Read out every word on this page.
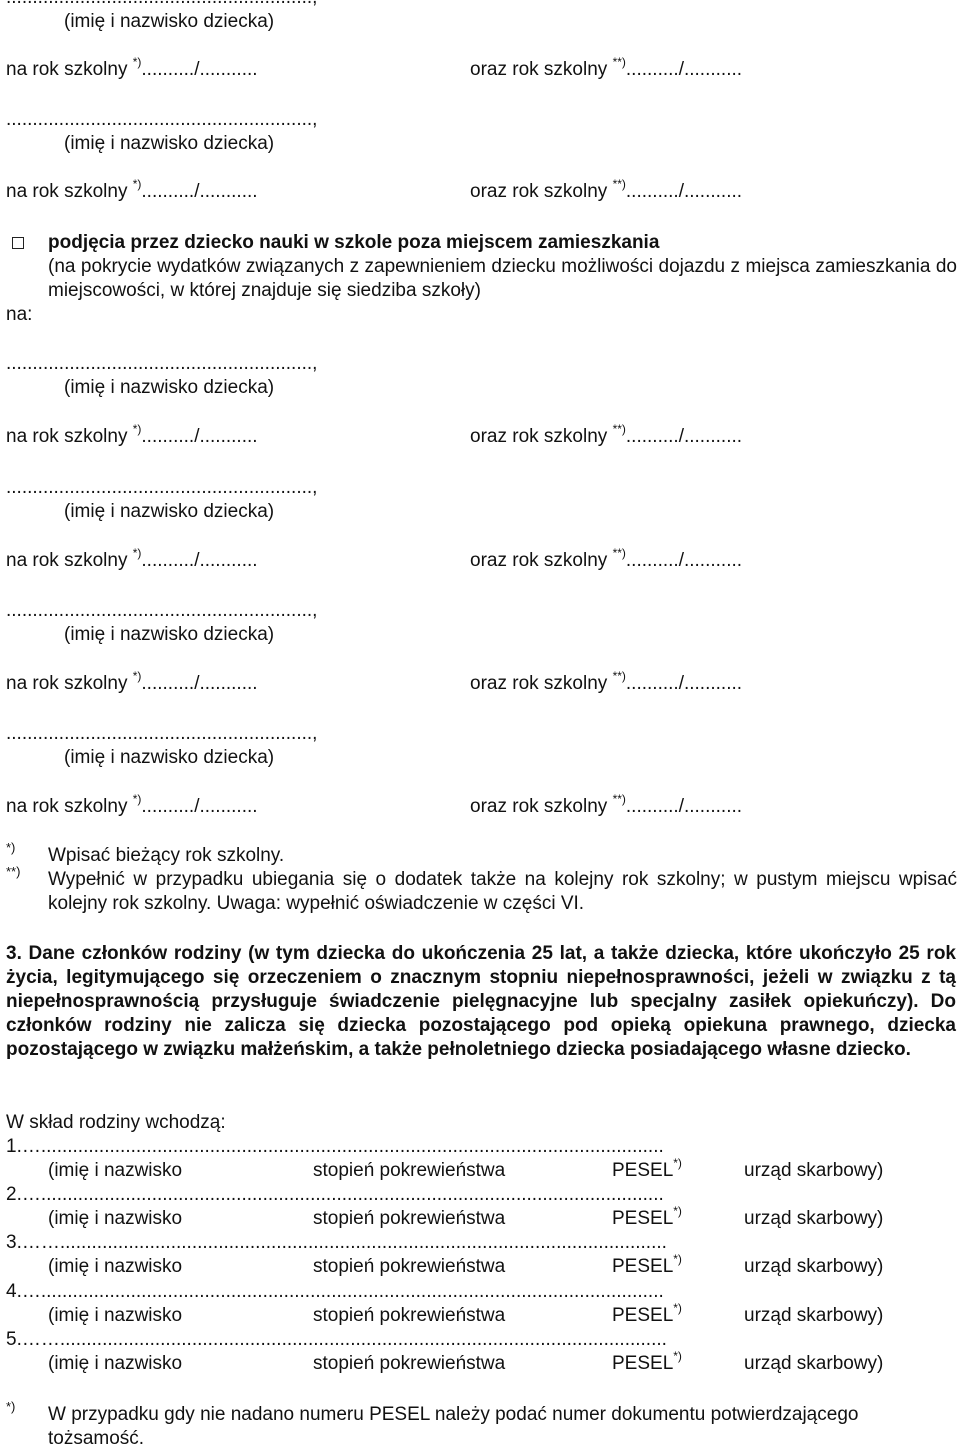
(imię i nazwisko dziecka)
na rok szkolny *)........../...........	oraz rok szkolny **)........../...........
..........................................................,
(imię i nazwisko dziecka)
na rok szkolny *)........../...........	oraz rok szkolny **)........../...........
podjęcia przez dziecko nauki w szkole poza miejscem zamieszkania
(na pokrycie wydatków związanych z zapewnieniem dziecku możliwości dojazdu z miejsca zamieszkania do miejscowości, w której znajduje się siedziba szkoły)
na:
..........................................................,
(imię i nazwisko dziecka)
na rok szkolny *)........../...........	oraz rok szkolny **)........../...........
..........................................................,
(imię i nazwisko dziecka)
na rok szkolny *)........../...........	oraz rok szkolny **)........../...........
..........................................................,
(imię i nazwisko dziecka)
na rok szkolny *)........../...........	oraz rok szkolny **)........../...........
..........................................................,
(imię i nazwisko dziecka)
na rok szkolny *)........../...........	oraz rok szkolny **)........../...........
*) Wpisać bieżący rok szkolny.
**) Wypełnić w przypadku ubiegania się o dodatek także na kolejny rok szkolny; w pustym miejscu wpisać kolejny rok szkolny. Uwaga: wypełnić oświadczenie w części VI.
3. Dane członków rodziny (w tym dziecka do ukończenia 25 lat, a także dziecka, które ukończyło 25 rok życia, legitymującego się orzeczeniem o znacznym stopniu niepełnosprawności, jeżeli w związku z tą niepełnosprawnością przysługuje świadczenie pielęgnacyjne lub specjalny zasiłek opiekuńczy). Do członków rodziny nie zalicza się dziecka pozostającego pod opieką opiekuna prawnego, dziecka pozostającego w związku małżeńskim, a także pełnoletniego dziecka posiadającego własne dziecko.
W skład rodziny wchodzą:
1.…......................................................................................................................
(imię i nazwisko	stopień pokrewieństwa	PESEL*)	urząd skarbowy)
2.…......................................................................................................................
(imię i nazwisko	stopień pokrewieństwa	PESEL*)	urząd skarbowy)
3.……...................................................................................................................
(imię i nazwisko	stopień pokrewieństwa	PESEL*)	urząd skarbowy)
4.…......................................................................................................................
(imię i nazwisko	stopień pokrewieństwa	PESEL*)	urząd skarbowy)
5.……...................................................................................................................
(imię i nazwisko	stopień pokrewieństwa	PESEL*)	urząd skarbowy)
*) W przypadku gdy nie nadano numeru PESEL należy podać numer dokumentu potwierdzającego tożsamość.
